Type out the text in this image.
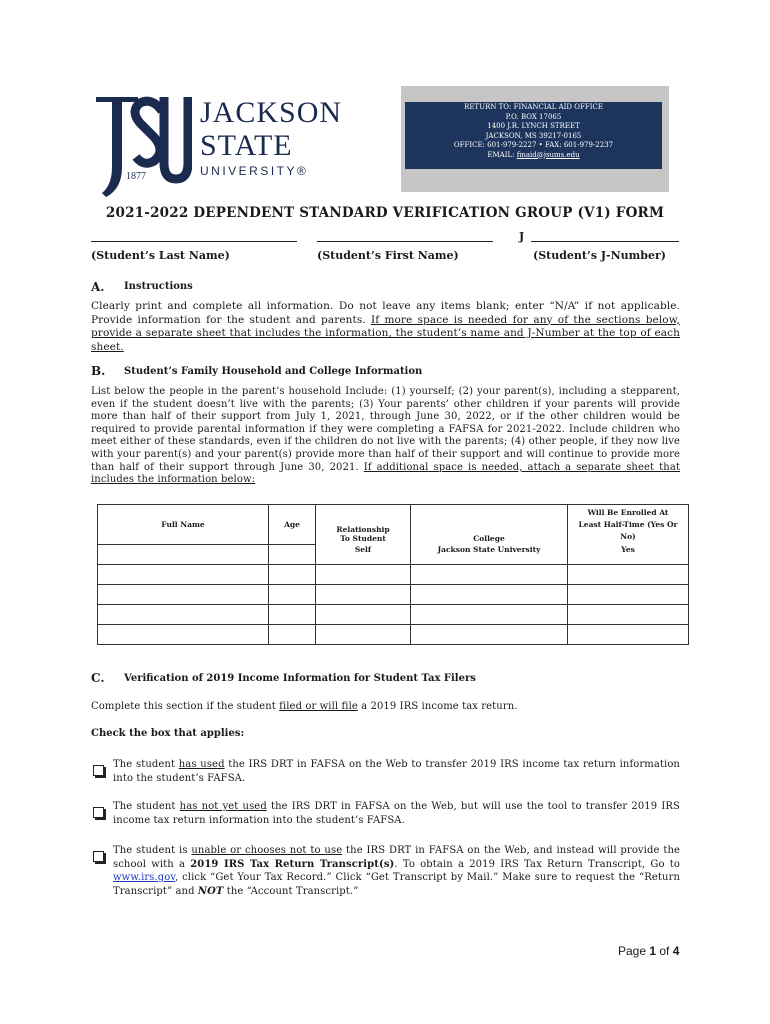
1877
JACKSON
STATE
UNIVERSITY®
RETURN TO: FINANCIAL AID OFFICE
P.O. BOX 17065
1400 J.R. LYNCH STREET
JACKSON, MS 39217-0165
OFFICE: 601-979-2227 • FAX: 601-979-2237
EMAIL: finaid@jsums.edu
2021-2022 DEPENDENT STANDARD VERIFICATION GROUP (V1) FORM
J
(Student’s Last Name)	(Student’s First Name)	(Student’s J-Number)
A. Instructions
Clearly print and complete all information. Do not leave any items blank; enter “N/A” if not applicable. Provide information for the student and parents. If more space is needed for any of the sections below, provide a separate sheet that includes the information, the student’s name and J-Number at the top of each sheet.
B. Student’s Family Household and College Information
List below the people in the parent’s household Include: (1) yourself; (2) your parent(s), including a stepparent, even if the student doesn’t live with the parents; (3) Your parents’ other children if your parents will provide more than half of their support from July 1, 2021, through June 30, 2022, or if the other children would be required to provide parental information if they were completing a FAFSA for 2021-2022. Include children who meet either of these standards, even if the children do not live with the parents; (4) other people, if they now live with your parent(s) and your parent(s) provide more than half of their support and will continue to provide more than half of their support through June 30, 2021. If additional space is needed, attach a separate sheet that includes the information below:
Full Name	Age	Relationship To Student	College	Will Be Enrolled At Least Half-Time (Yes Or No)

		Self	Jackson State University	Yes

C. Verification of 2019 Income Information for Student Tax Filers
Complete this section if the student filed or will file a 2019 IRS income tax return.
Check the box that applies:
The student has used the IRS DRT in FAFSA on the Web to transfer 2019 IRS income tax return information into the student’s FAFSA.
The student has not yet used the IRS DRT in FAFSA on the Web, but will use the tool to transfer 2019 IRS income tax return information into the student’s FAFSA.
The student is unable or chooses not to use the IRS DRT in FAFSA on the Web, and instead will provide the school with a 2019 IRS Tax Return Transcript(s). To obtain a 2019 IRS Tax Return Transcript, Go to www.irs.gov, click “Get Your Tax Record.” Click “Get Transcript by Mail.” Make sure to request the “Return Transcript” and NOT the “Account Transcript.”
Page 1 of 4
